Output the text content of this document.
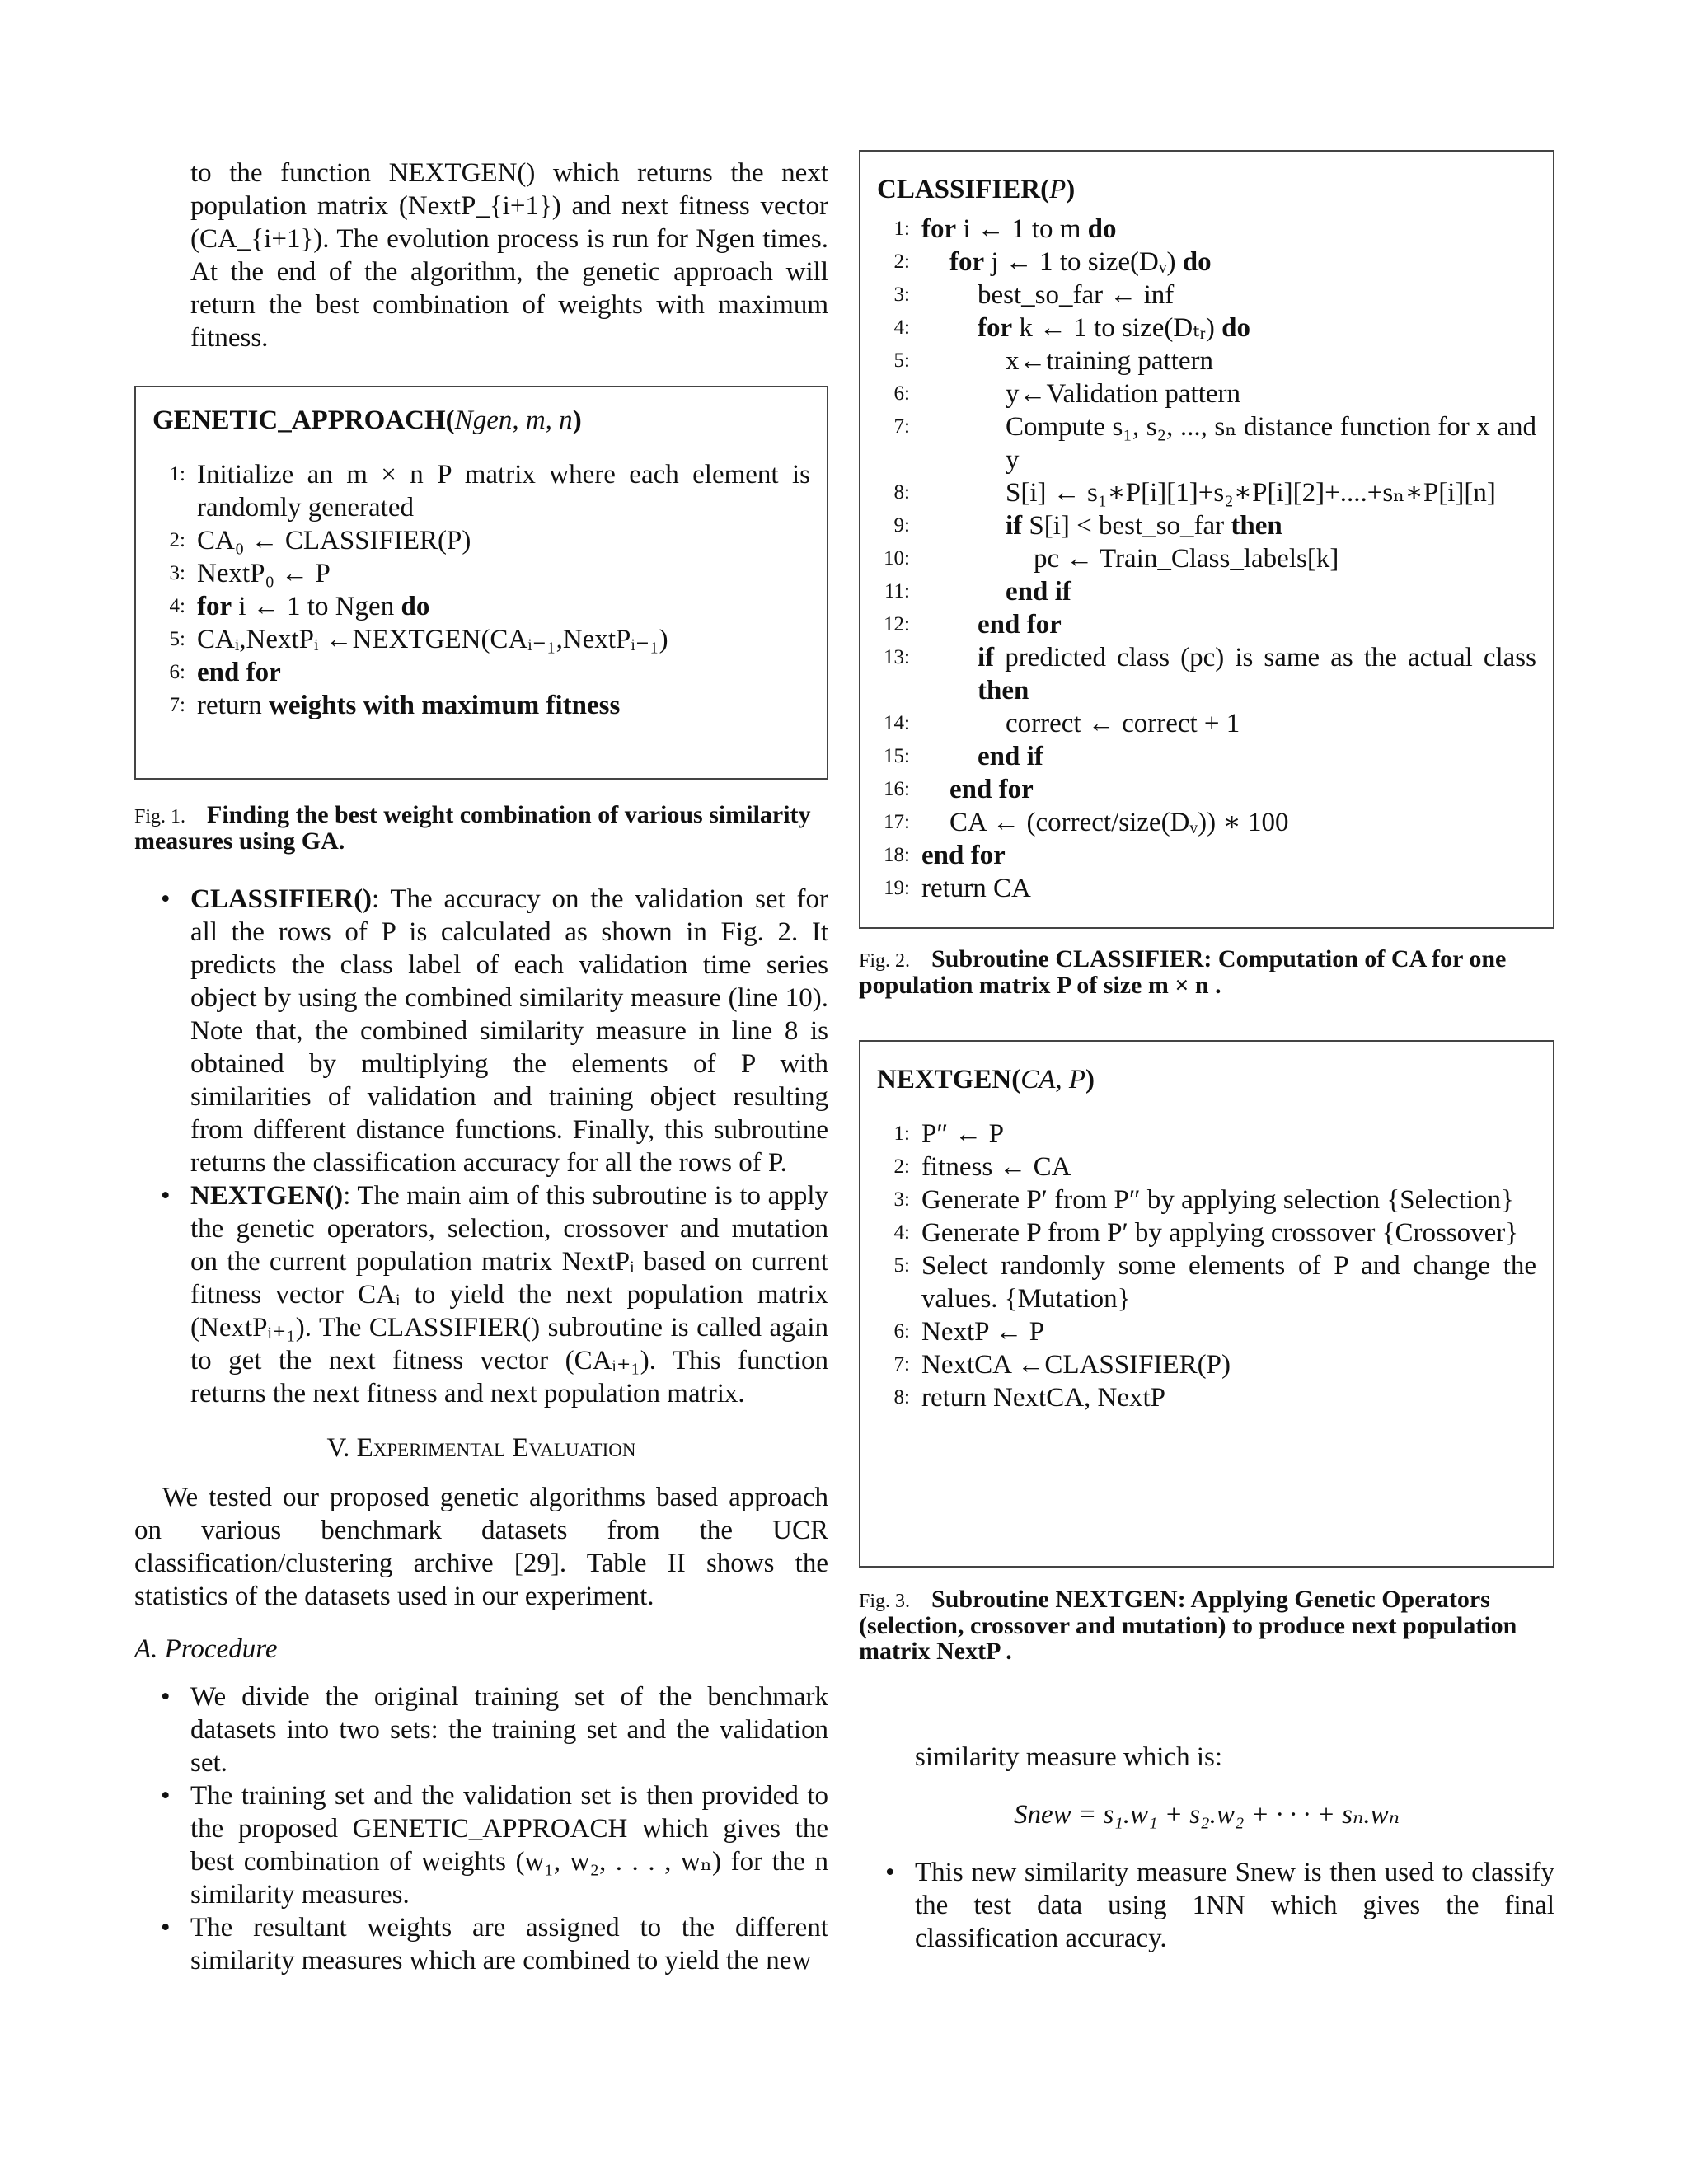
to the function NEXTGEN() which returns the next population matrix (NextP_{i+1}) and next fitness vector (CA_{i+1}). The evolution process is run for Ngen times. At the end of the algorithm, the genetic approach will return the best combination of weights with maximum fitness.

GENETIC_APPROACH(Ngen, m, n)
1: Initialize an m × n P matrix where each element is randomly generated
2: CA₀ ← CLASSIFIER(P)
3: NextP₀ ← P
4: for i ← 1 to Ngen do
5: CAᵢ,NextPᵢ ←NEXTGEN(CAᵢ₋₁,NextPᵢ₋₁)
6: end for
7: return weights with maximum fitness
Fig. 1. Finding the best weight combination of various similarity measures using GA.
• CLASSIFIER(): The accuracy on the validation set for all the rows of P is calculated as shown in Fig. 2. It predicts the class label of each validation time series object by using the combined similarity measure (line 10). Note that, the combined similarity measure in line 8 is obtained by multiplying the elements of P with similarities of validation and training object resulting from different distance functions. Finally, this subroutine returns the classification accuracy for all the rows of P.
• NEXTGEN(): The main aim of this subroutine is to apply the genetic operators, selection, crossover and mutation on the current population matrix NextPᵢ based on current fitness vector CAᵢ to yield the next population matrix (NextPᵢ₊₁). The CLASSIFIER() subroutine is called again to get the next fitness vector (CAᵢ₊₁). This function returns the next fitness and next population matrix.
V. Experimental Evaluation

We tested our proposed genetic algorithms based approach on various benchmark datasets from the UCR classification/clustering archive [29]. Table II shows the statistics of the datasets used in our experiment.

A. Procedure
• We divide the original training set of the benchmark datasets into two sets: the training set and the validation set.
• The training set and the validation set is then provided to the proposed GENETIC_APPROACH which gives the best combination of weights (w₁, w₂, . . . , wₙ) for the n similarity measures.
• The resultant weights are assigned to the different similarity measures which are combined to yield the new
CLASSIFIER(P)
1: for i ← 1 to m do
2: for j ← 1 to size(Dᵥ) do
3: best_so_far ← inf
4: for k ← 1 to size(Dₜᵣ) do
5:	x←training pattern
6:	y←Validation pattern
7:	Compute s₁, s₂, ..., sₙ distance function for x and y
8:	S[i] ← s₁∗P[i][1]+s₂∗P[i][2]+....+sₙ∗P[i][n]
9:	if S[i] < best_so_far then
10:	pc ← Train_Class_labels[k]
11:	end if
12: end for
13: if predicted class (pc) is same as the actual class then
14:	correct ← correct + 1
15: end if
16: end for
17: CA ← (correct/size(Dᵥ)) ∗ 100
18: end for
19: return CA
Fig. 2. Subroutine CLASSIFIER: Computation of CA for one population matrix P of size m × n .
NEXTGEN(CA, P)
1: P″ ← P
2: fitness ← CA
3: Generate P′ from P″ by applying selection {Selection}
4: Generate P from P′ by applying crossover {Crossover}
5: Select randomly some elements of P and change the values. {Mutation}
6: NextP ← P
7: NextCA ←CLASSIFIER(P)
8: return NextCA, NextP
Fig. 3. Subroutine NEXTGEN: Applying Genetic Operators (selection, crossover and mutation) to produce next population matrix NextP .

similarity measure which is:

Snew = s₁.w₁ + s₂.w₂ + · · · + sₙ.wₙ
• This new similarity measure Snew is then used to classify the test data using 1NN which gives the final classification accuracy.
